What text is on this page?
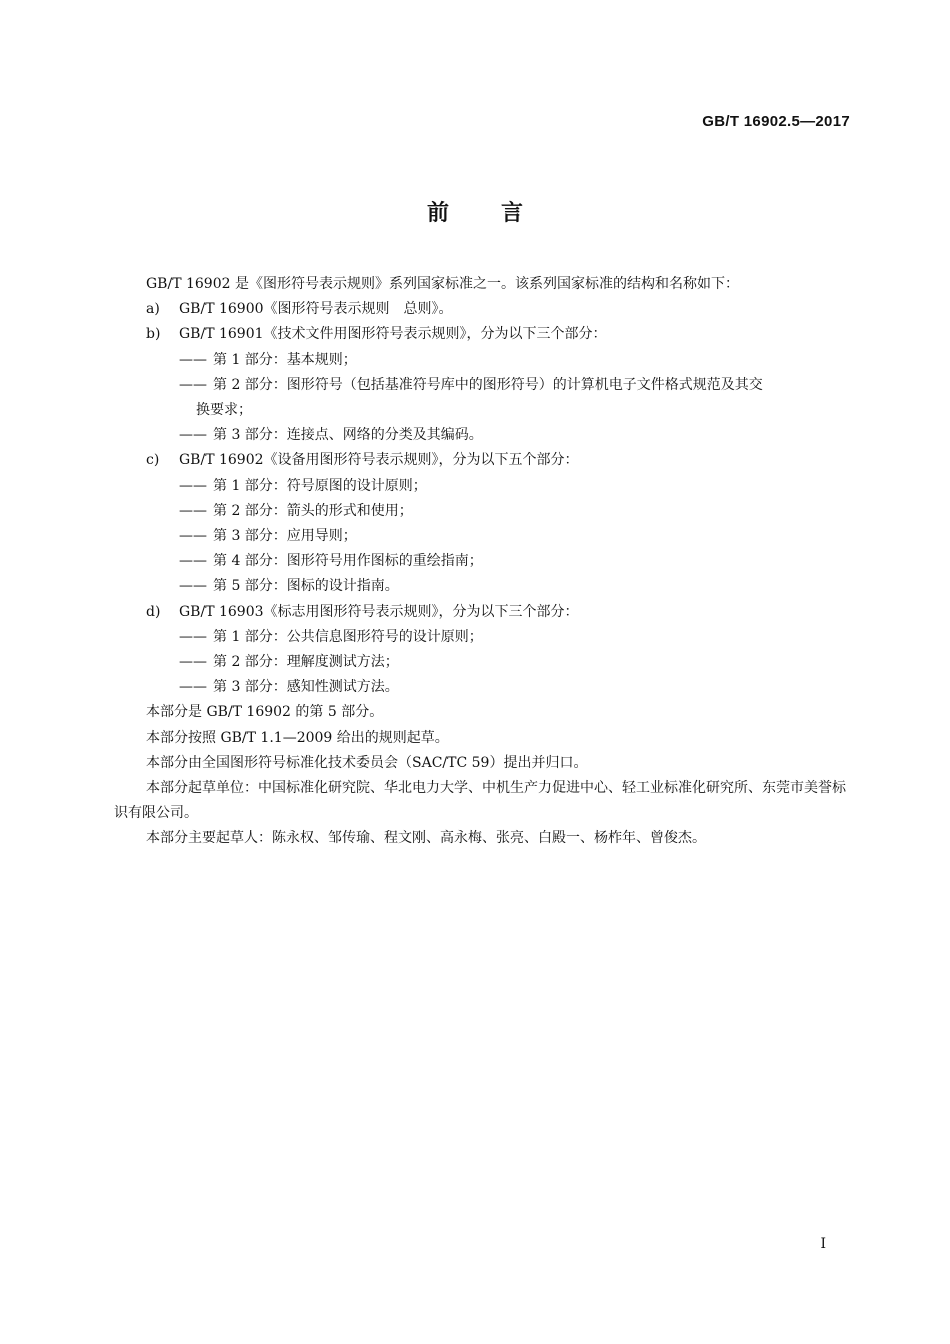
GB/T 16902.5—2017
前 言

GB/T 16902 是《图形符号表示规则》系列国家标准之一。该系列国家标准的结构和名称如下：

a) GB/T 16900《图形符号表示规则　总则》。

b) GB/T 16901《技术文件用图形符号表示规则》，分为以下三个部分：

—— 第 1 部分：基本规则；

—— 第 2 部分：图形符号（包括基准符号库中的图形符号）的计算机电子文件格式规范及其交
换要求；

—— 第 3 部分：连接点、网络的分类及其编码。

c) GB/T 16902《设备用图形符号表示规则》，分为以下五个部分：

—— 第 1 部分：符号原图的设计原则；

—— 第 2 部分：箭头的形式和使用；

—— 第 3 部分：应用导则；

—— 第 4 部分：图形符号用作图标的重绘指南；

—— 第 5 部分：图标的设计指南。

d) GB/T 16903《标志用图形符号表示规则》，分为以下三个部分：

—— 第 1 部分：公共信息图形符号的设计原则；

—— 第 2 部分：理解度测试方法；

—— 第 3 部分：感知性测试方法。

本部分是 GB/T 16902 的第 5 部分。

本部分按照 GB/T 1.1—2009 给出的规则起草。

本部分由全国图形符号标准化技术委员会（SAC/TC 59）提出并归口。

本部分起草单位：中国标准化研究院、华北电力大学、中机生产力促进中心、轻工业标准化研究所、东莞市美誉标识有限公司。

本部分主要起草人：陈永权、邹传瑜、程文刚、高永梅、张亮、白殿一、杨柞年、曾俊杰。

I
